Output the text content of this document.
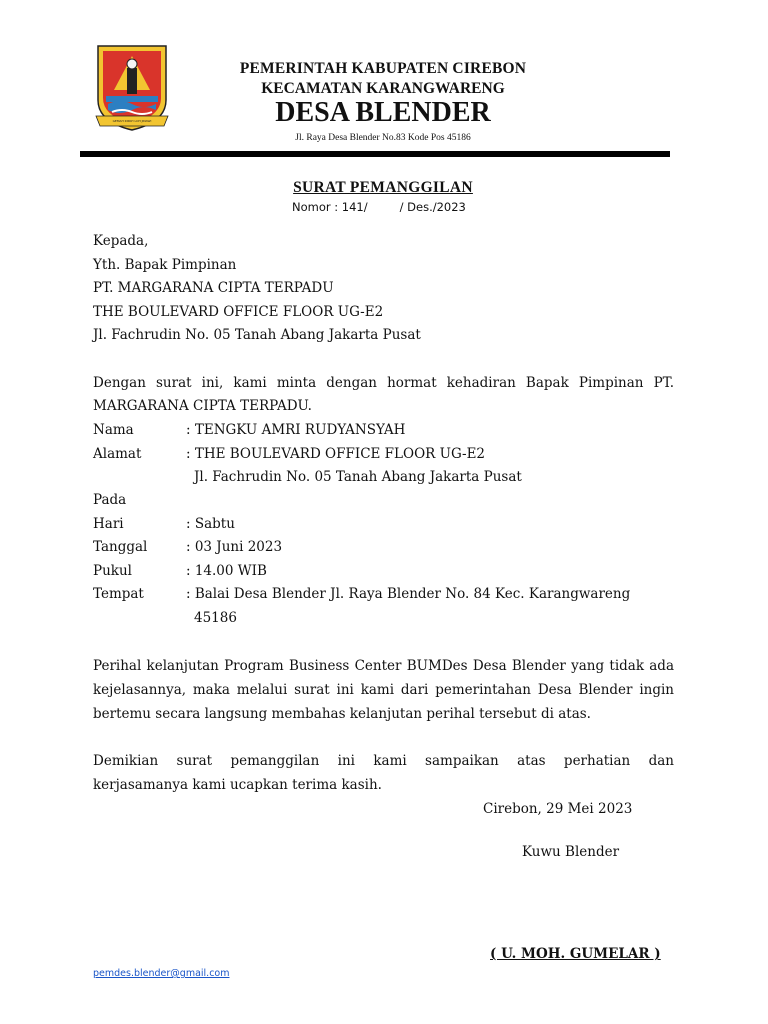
GEMAH RIPAH LOH JINAWI
PEMERINTAH KABUPATEN CIREBON
KECAMATAN KARANGWARENG
DESA BLENDER
Jl. Raya Desa Blender No.83 Kode Pos 45186
SURAT PEMANGGILAN
Nomor : 141/	/ Des./2023
Kepada,
Yth. Bapak Pimpinan
PT. MARGARANA CIPTA TERPADU
THE BOULEVARD OFFICE FLOOR UG-E2
Jl. Fachrudin No. 05 Tanah Abang Jakarta Pusat
Dengan surat ini, kami minta dengan hormat kehadiran Bapak Pimpinan PT.
MARGARANA CIPTA TERPADU.
Nama	: TENGKU AMRI RUDYANSYAH
Alamat	: THE BOULEVARD OFFICE FLOOR UG-E2
Jl. Fachrudin No. 05 Tanah Abang Jakarta Pusat
Pada
Hari	: Sabtu
Tanggal	: 03 Juni 2023
Pukul	: 14.00 WIB
Tempat	: Balai Desa Blender Jl. Raya Blender No. 84 Kec. Karangwareng
45186
Perihal kelanjutan Program Business Center BUMDes Desa Blender yang tidak ada
kejelasannya, maka melalui surat ini kami dari pemerintahan Desa Blender ingin
bertemu secara langsung membahas kelanjutan perihal tersebut di atas.
Demikian surat pemanggilan ini kami sampaikan atas perhatian dan
kerjasamanya kami ucapkan terima kasih.
Cirebon, 29 Mei 2023
Kuwu Blender
( U. MOH. GUMELAR )
pemdes.blender@gmail.com
